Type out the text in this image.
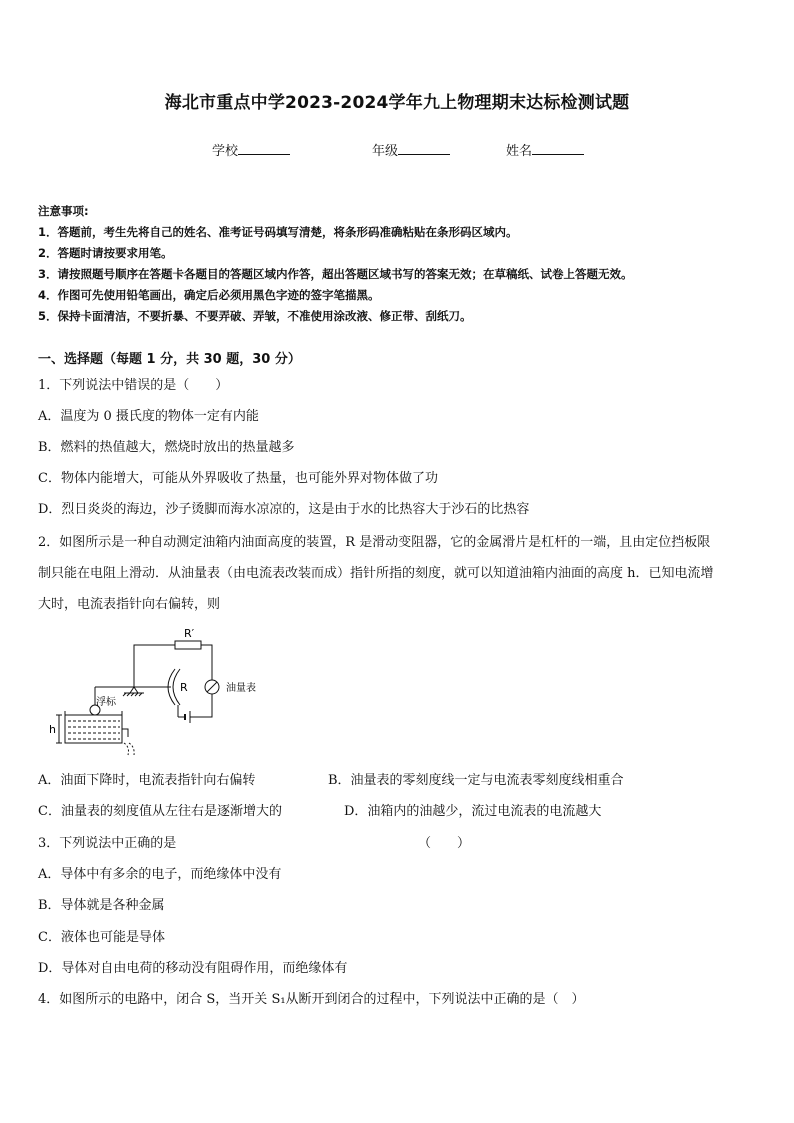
海北市重点中学2023-2024学年九上物理期末达标检测试题
学校	年级	姓名
注意事项:
1．答题前，考生先将自己的姓名、准考证号码填写清楚，将条形码准确粘贴在条形码区域内。
2．答题时请按要求用笔。
3．请按照题号顺序在答题卡各题目的答题区域内作答，超出答题区域书写的答案无效；在草稿纸、试卷上答题无效。
4．作图可先使用铅笔画出，确定后必须用黑色字迹的签字笔描黑。
5．保持卡面清洁，不要折暴、不要弄破、弄皱，不准使用涂改液、修正带、刮纸刀。
一、选择题（每题 1 分，共 30 题，30 分）
1．下列说法中错误的是（　　）
A．温度为 0 摄氏度的物体一定有内能
B．燃料的热值越大，燃烧时放出的热量越多
C．物体内能增大，可能从外界吸收了热量，也可能外界对物体做了功
D．烈日炎炎的海边，沙子烫脚而海水凉凉的，这是由于水的比热容大于沙石的比热容
2．如图所示是一种自动测定油箱内油面高度的装置，R 是滑动变阻器，它的金属滑片是杠杆的一端，且由定位挡板限
制只能在电阻上滑动．从油量表（由电流表改装而成）指针所指的刻度，就可以知道油箱内油面的高度 h．已知电流增
大时，电流表指针向右偏转，则
R′
R	油量表
浮标
h
A．油面下降时，电流表指针向右偏转	B．油量表的零刻度线一定与电流表零刻度线相重合
C．油量表的刻度值从左往右是逐渐增大的	D．油箱内的油越少，流过电流表的电流越大
3．下列说法中正确的是	（　　）
A．导体中有多余的电子，而绝缘体中没有
B．导体就是各种金属
C．液体也可能是导体
D．导体对自由电荷的移动没有阻碍作用，而绝缘体有
4．如图所示的电路中，闭合 S，当开关 S₁从断开到闭合的过程中，下列说法中正确的是（　）
